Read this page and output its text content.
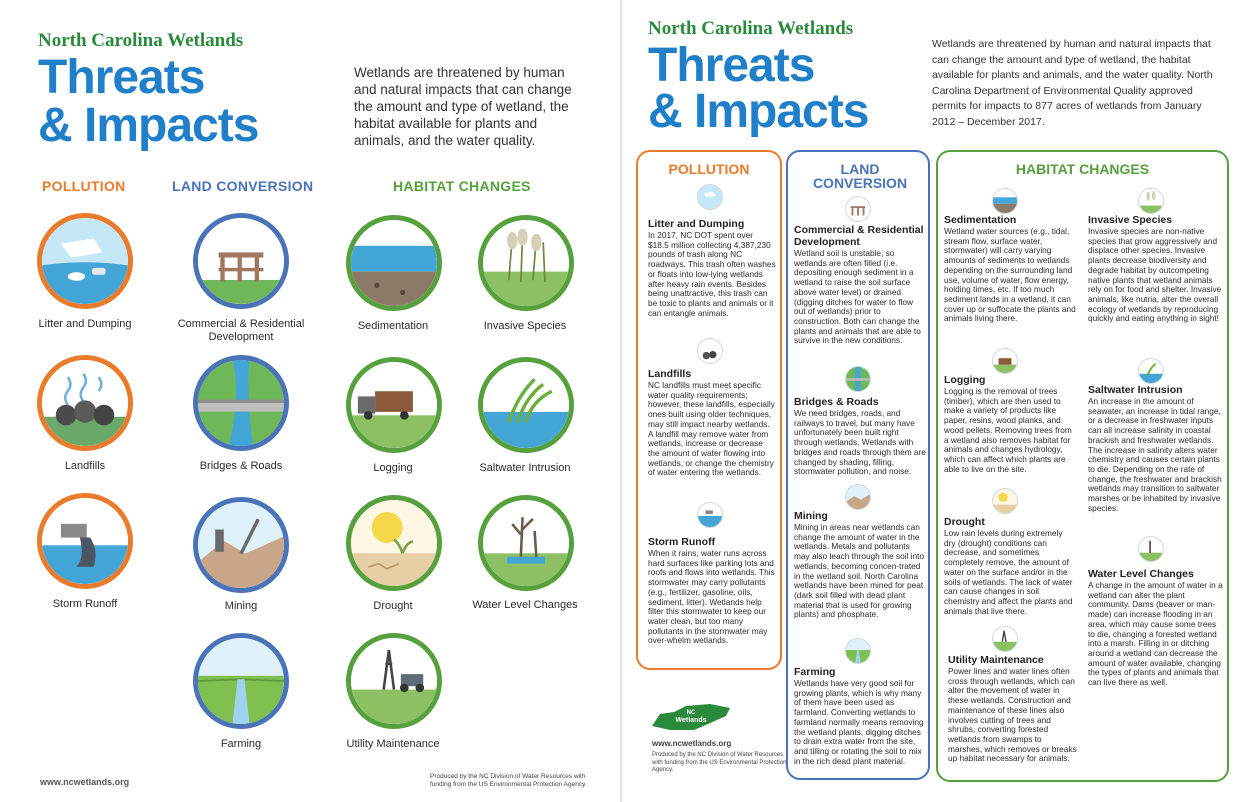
North Carolina Wetlands
Threats
& Impacts
Wetlands are threatened by human and natural impacts that can change the amount and type of wetland, the habitat available for plants and animals, and the water quality.
POLLUTION	LAND CONVERSION	HABITAT CHANGES
Litter and Dumping
Landfills
Storm Runoff
Commercial & Residential Development
Bridges & Roads
Mining
Farming
Sedimentation
Logging
Drought
Utility Maintenance
Invasive Species
Saltwater Intrusion
Water Level Changes
www.ncwetlands.org
Produced by the NC Division of Water Resources with funding from the US Environmental Protection Agency.
North Carolina Wetlands
Threats
& Impacts
Wetlands are threatened by human and natural impacts that can change the amount and type of wetland, the habitat available for plants and animals, and the water quality. North Carolina Department of Environmental Quality approved permits for impacts to 877 acres of wetlands from January 2012 – December 2017.
POLLUTION
Litter and Dumping
In 2017, NC DOT spent over $18.5 million collecting 4,387,230 pounds of trash along NC roadways. This trash often washes or floats into low-lying wetlands after heavy rain events. Besides being unattractive, this trash can be toxic to plants and animals or it can entangle animals.
Landfills
NC landfills must meet specific water quality requirements; however, these landfills, especially ones built using older techniques, may still impact nearby wetlands. A landfill may remove water from wetlands, increase or decrease the amount of water flowing into wetlands, or change the chemistry of water entering the wetlands.
Storm Runoff
When it rains, water runs across hard surfaces like parking lots and roofs and flows into wetlands. This stormwater may carry pollutants (e.g., fertilizer, gasoline, oils, sediment, litter). Wetlands help filter this stormwater to keep our water clean, but too many pollutants in the stormwater may over-whelm wetlands.
LAND CONVERSION
Commercial & Residential Development
Wetland soil is unstable, so wetlands are often filled (i.e. depositing enough sediment in a wetland to raise the soil surface above water level) or drained (digging ditches for water to flow out of wetlands) prior to construction. Both can change the plants and animals that are able to survive in the new conditions.
Bridges & Roads
We need bridges, roads, and railways to travel, but many have unfortunately been built right through wetlands. Wetlands with bridges and roads through them are changed by shading, filling, stormwater pollution, and noise.
Mining
Mining in areas near wetlands can change the amount of water in the wetlands. Metals and pollutants may also leach through the soil into wetlands, becoming concen-trated in the wetland soil. North Carolina wetlands have been mined for peat (dark soil filled with dead plant material that is used for growing plants) and phosphate.
Farming
Wetlands have very good soil for growing plants, which is why many of them have been used as farmland. Converting wetlands to farmland normally means removing the wetland plants, digging ditches to drain extra water from the site, and tilling or rotating the soil to mix in the rich dead plant material.
HABITAT CHANGES
Sedimentation
Wetland water sources (e.g., tidal, stream flow, surface water, stormwater) will carry varying amounts of sediments to wetlands depending on the surrounding land use, volume of water, flow energy, holding times, etc. If too much sediment lands in a wetland, it can cover up or suffocate the plants and animals living there.
Logging
Logging is the removal of trees (timber), which are then used to make a variety of products like paper, resins, wood planks, and wood pellets. Removing trees from a wetland also removes habitat for animals and changes hydrology, which can affect which plants are able to live on the site.
Drought
Low rain levels during extremely dry (drought) conditions can decrease, and sometimes completely remove, the amount of water on the surface and/or in the soils of wetlands. The lack of water can cause changes in soil chemistry and affect the plants and animals that live there.
Utility Maintenance
Power lines and water lines often cross through wetlands, which can alter the movement of water in these wetlands. Construction and maintenance of these lines also involves cutting of trees and shrubs, converting forested wetlands from swamps to marshes, which removes or breaks up habitat necessary for animals.
Invasive Species
Invasive species are non-native species that grow aggressively and displace other species. Invasive plants decrease biodiversity and degrade habitat by outcompeting native plants that wetland animals rely on for food and shelter. Invasive animals, like nutria, alter the overall ecology of wetlands by reproducing quickly and eating anything in sight!
Saltwater Intrusion
An increase in the amount of seawater, an increase in tidal range, or a decrease in freshwater inputs can all increase salinity in coastal brackish and freshwater wetlands. The increase in salinity alters water chemistry and causes certain plants to die. Depending on the rate of change, the freshwater and brackish wetlands may transition to saltwater marshes or be inhabited by invasive species.
Water Level Changes
A change in the amount of water in a wetland can alter the plant community. Dams (beaver or man-made) can increase flooding in an area, which may cause some trees to die, changing a forested wetland into a marsh. Filling in or ditching around a wetland can decrease the amount of water available, changing the types of plants and animals that can live there as well.
NC
Wetlands
www.ncwetlands.org
Produced by the NC Division of Water Resources with funding from the US Environmental Protection Agency.
